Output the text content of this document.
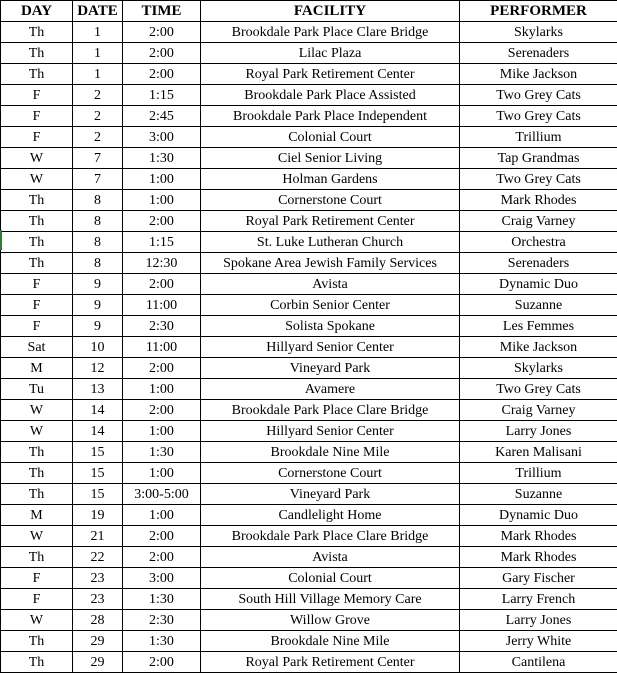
DAY	DATE	TIME	FACILITY	PERFORMER
Th	1	2:00	Brookdale Park Place Clare Bridge	Skylarks
Th	1	2:00	Lilac Plaza	Serenaders
Th	1	2:00	Royal Park Retirement Center	Mike Jackson
F	2	1:15	Brookdale Park Place Assisted	Two Grey Cats
F	2	2:45	Brookdale Park Place Independent	Two Grey Cats
F	2	3:00	Colonial Court	Trillium
W	7	1:30	Ciel Senior Living	Tap Grandmas
W	7	1:00	Holman Gardens	Two Grey Cats
Th	8	1:00	Cornerstone Court	Mark Rhodes
Th	8	2:00	Royal Park Retirement Center	Craig Varney
Th	8	1:15	St. Luke Lutheran Church	Orchestra
Th	8	12:30	Spokane Area Jewish Family Services	Serenaders
F	9	2:00	Avista	Dynamic Duo
F	9	11:00	Corbin Senior Center	Suzanne
F	9	2:30	Solista Spokane	Les Femmes
Sat	10	11:00	Hillyard Senior Center	Mike Jackson
M	12	2:00	Vineyard Park	Skylarks
Tu	13	1:00	Avamere	Two Grey Cats
W	14	2:00	Brookdale Park Place Clare Bridge	Craig Varney
W	14	1:00	Hillyard Senior Center	Larry Jones
Th	15	1:30	Brookdale Nine Mile	Karen Malisani
Th	15	1:00	Cornerstone Court	Trillium
Th	15	3:00-5:00	Vineyard Park	Suzanne
M	19	1:00	Candlelight Home	Dynamic Duo
W	21	2:00	Brookdale Park Place Clare Bridge	Mark Rhodes
Th	22	2:00	Avista	Mark Rhodes
F	23	3:00	Colonial Court	Gary Fischer
F	23	1:30	South Hill Village Memory Care	Larry French
W	28	2:30	Willow Grove	Larry Jones
Th	29	1:30	Brookdale Nine Mile	Jerry White
Th	29	2:00	Royal Park Retirement Center	Cantilena
